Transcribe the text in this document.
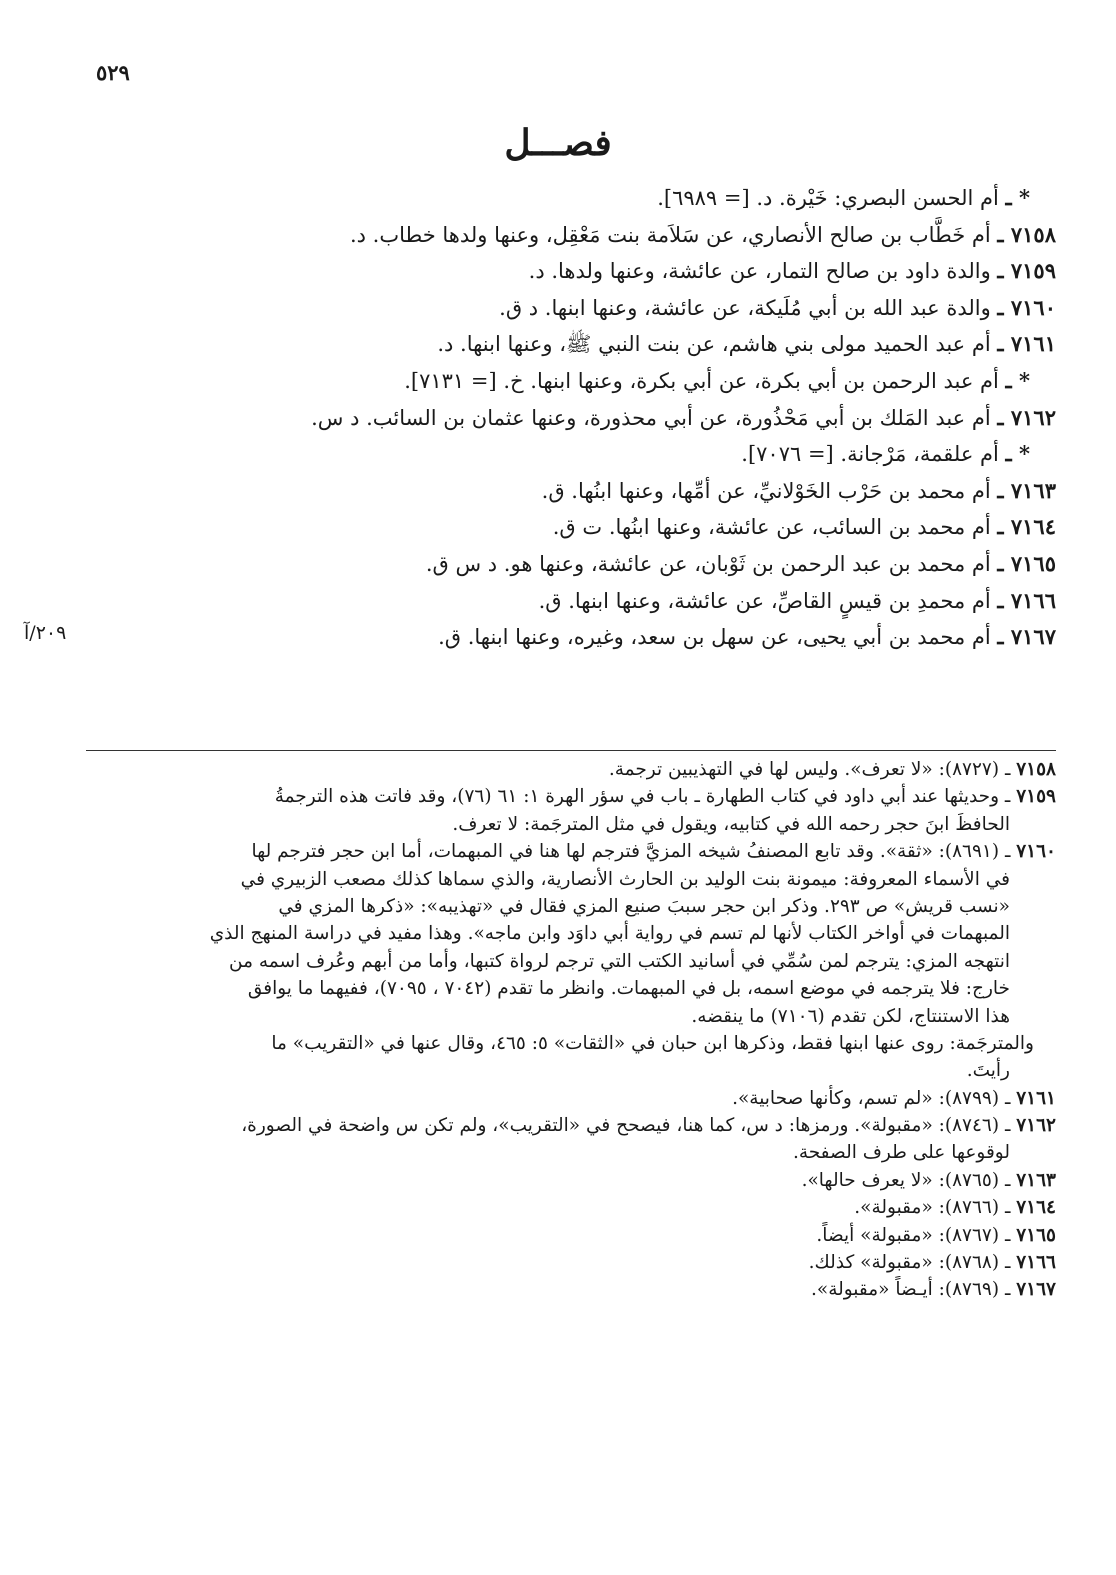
٥٢٩
٢٠٩/آ
فصـــل
* ـ أم الحسن البصري: خَيْرة. د. [= ٦٩٨٩].
٧١٥٨ ـ أم خَطَّاب بن صالح الأنصاري، عن سَلاَمة بنت مَعْقِل، وعنها ولدها خطاب. د.
٧١٥٩ ـ والدة داود بن صالح التمار، عن عائشة، وعنها ولدها. د.
٧١٦٠ ـ والدة عبد الله بن أبي مُلَيكة، عن عائشة، وعنها ابنها. د ق.
٧١٦١ ـ أم عبد الحميد مولى بني هاشم، عن بنت النبي ﷺ، وعنها ابنها. د.
* ـ أم عبد الرحمن بن أبي بكرة، عن أبي بكرة، وعنها ابنها. خ. [= ٧١٣١].
٧١٦٢ ـ أم عبد المَلك بن أبي مَحْذُورة، عن أبي محذورة، وعنها عثمان بن السائب. د س.
* ـ أم علقمة، مَرْجانة. [= ٧٠٧٦].
٧١٦٣ ـ أم محمد بن حَرْب الخَوْلانيِّ، عن أمِّها، وعنها ابنُها. ق.
٧١٦٤ ـ أم محمد بن السائب، عن عائشة، وعنها ابنُها. ت ق.
٧١٦٥ ـ أم محمد بن عبد الرحمن بن ثَوْبان، عن عائشة، وعنها هو. د س ق.
٧١٦٦ ـ أم محمدِ بن قيسٍ القاصِّ، عن عائشة، وعنها ابنها. ق.
٧١٦٧ ـ أم محمد بن أبي يحيى، عن سهل بن سعد، وغيره، وعنها ابنها. ق.
٧١٥٨ ـ (٨٧٢٧): «لا تعرف». وليس لها في التهذيبين ترجمة.
٧١٥٩ ـ وحديثها عند أبي داود في كتاب الطهارة ـ باب في سؤر الهرة ١: ٦١ (٧٦)، وقد فاتت هذه الترجمةُ
الحافظَ ابنَ حجر رحمه الله في كتابيه، ويقول في مثل المترجَمة: لا تعرف.
٧١٦٠ ـ (٨٦٩١): «ثقة». وقد تابع المصنفُ شيخه المزيَّ فترجم لها هنا في المبهمات، أما ابن حجر فترجم لها
في الأسماء المعروفة: ميمونة بنت الوليد بن الحارث الأنصارية، والذي سماها كذلك مصعب الزبيري في
«نسب قريش» ص ٢٩٣. وذكر ابن حجر سببَ صنيع المزي فقال في «تهذيبه»: «ذكرها المزي في
المبهمات في أواخر الكتاب لأنها لم تسم في رواية أبي داوَد وابن ماجه». وهذا مفيد في دراسة المنهج الذي
انتهجه المزي: يترجم لمن سُمِّي في أسانيد الكتب التي ترجم لرواة كتبها، وأما من أبهم وعُرف اسمه من
خارج: فلا يترجمه في موضع اسمه، بل في المبهمات. وانظر ما تقدم (٧٠٤٢ ، ٧٠٩٥)، ففيهما ما يوافق
هذا الاستنتاج، لكن تقدم (٧١٠٦) ما ينقضه.
والمترجَمة: روى عنها ابنها فقط، وذكرها ابن حبان في «الثقات» ٥: ٤٦٥، وقال عنها في «التقريب» ما
رأيتَ.
٧١٦١ ـ (٨٧٩٩): «لم تسم، وكأنها صحابية».
٧١٦٢ ـ (٨٧٤٦): «مقبولة». ورمزها: د س، كما هنا، فيصحح في «التقريب»، ولم تكن س واضحة في الصورة،
لوقوعها على طرف الصفحة.
٧١٦٣ ـ (٨٧٦٥): «لا يعرف حالها».
٧١٦٤ ـ (٨٧٦٦): «مقبولة».
٧١٦٥ ـ (٨٧٦٧): «مقبولة» أيضاً.
٧١٦٦ ـ (٨٧٦٨): «مقبولة» كذلك.
٧١٦٧ ـ (٨٧٦٩): أيـضاً «مقبولة».
